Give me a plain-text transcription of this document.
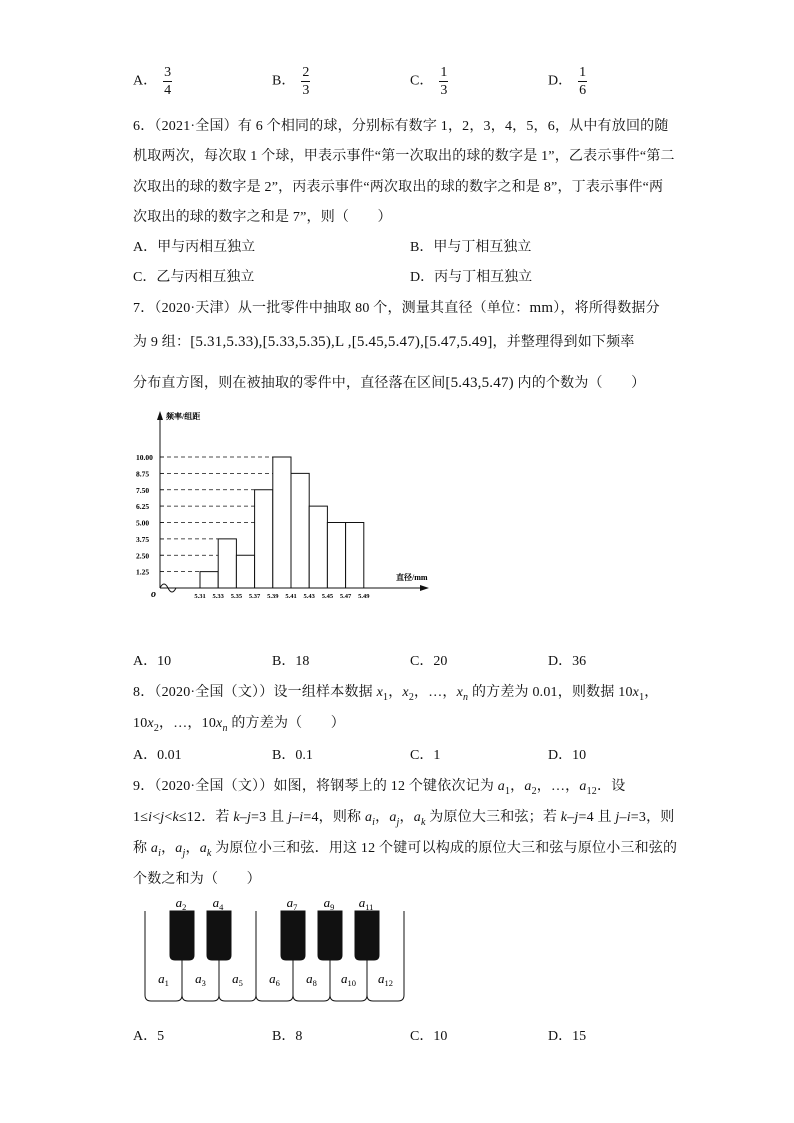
A． $\frac{3}{4}$	B． $\frac{2}{3}$	C． $\frac{1}{3}$	D． $\frac{1}{6}$
6．（2021·全国）有 6 个相同的球，分别标有数字 1，2，3，4，5，6，从中有放回的随
机取两次，每次取 1 个球，甲表示事件“第一次取出的球的数字是 1”，乙表示事件“第二
次取出的球的数字是 2”，丙表示事件“两次取出的球的数字之和是 8”，丁表示事件“两
次取出的球的数字之和是 7”，则（　　）
A．甲与丙相互独立	B．甲与丁相互独立
C．乙与丙相互独立	D．丙与丁相互独立
7．（2020·天津）从一批零件中抽取 80 个，测量其直径（单位：mm），将所得数据分
为 9 组：[5.31,5.33),[5.33,5.35),L ,[5.45,5.47),[5.47,5.49]，并整理得到如下频率
分布直方图，则在被抽取的零件中，直径落在区间[5.43,5.47) 内的个数为（　　）
频率/组距
直径/mm
o
1.25
2.50
3.75
5.00
6.25
7.50
8.75
10.00
5.31 5.33 5.35 5.37 5.39 5.41 5.43 5.45 5.47 5.49
A．10	B．18	C．20	D．36
8．（2020·全国（文））设一组样本数据 $x_1$，$x_2$，…，$x_n$ 的方差为 0.01，则数据 $10x_1$，
$10x_2$，…，$10x_n$ 的方差为（　　）
A．0.01	B．0.1	C．1	D．10
9．（2020·全国（文））如图，将钢琴上的 12 个键依次记为 $a_1$，$a_2$，…，$a_{12}$．设
1≤i<j<k≤12．若 k–j=3 且 j–i=4，则称 $a_i$，$a_j$，$a_k$ 为原位大三和弦；若 k–j=4 且 j–i=3，则
称 $a_i$，$a_j$，$a_k$ 为原位小三和弦．用这 12 个键可以构成的原位大三和弦与原位小三和弦的
个数之和为（　　）
$a_1$ $a_3$ $a_5$ $a_6$ $a_8$ $a_{10}$ $a_{12}$
$a_2$ $a_4$	$a_7$ $a_9$ $a_{11}$
A．5	B．8	C．10	D．15
